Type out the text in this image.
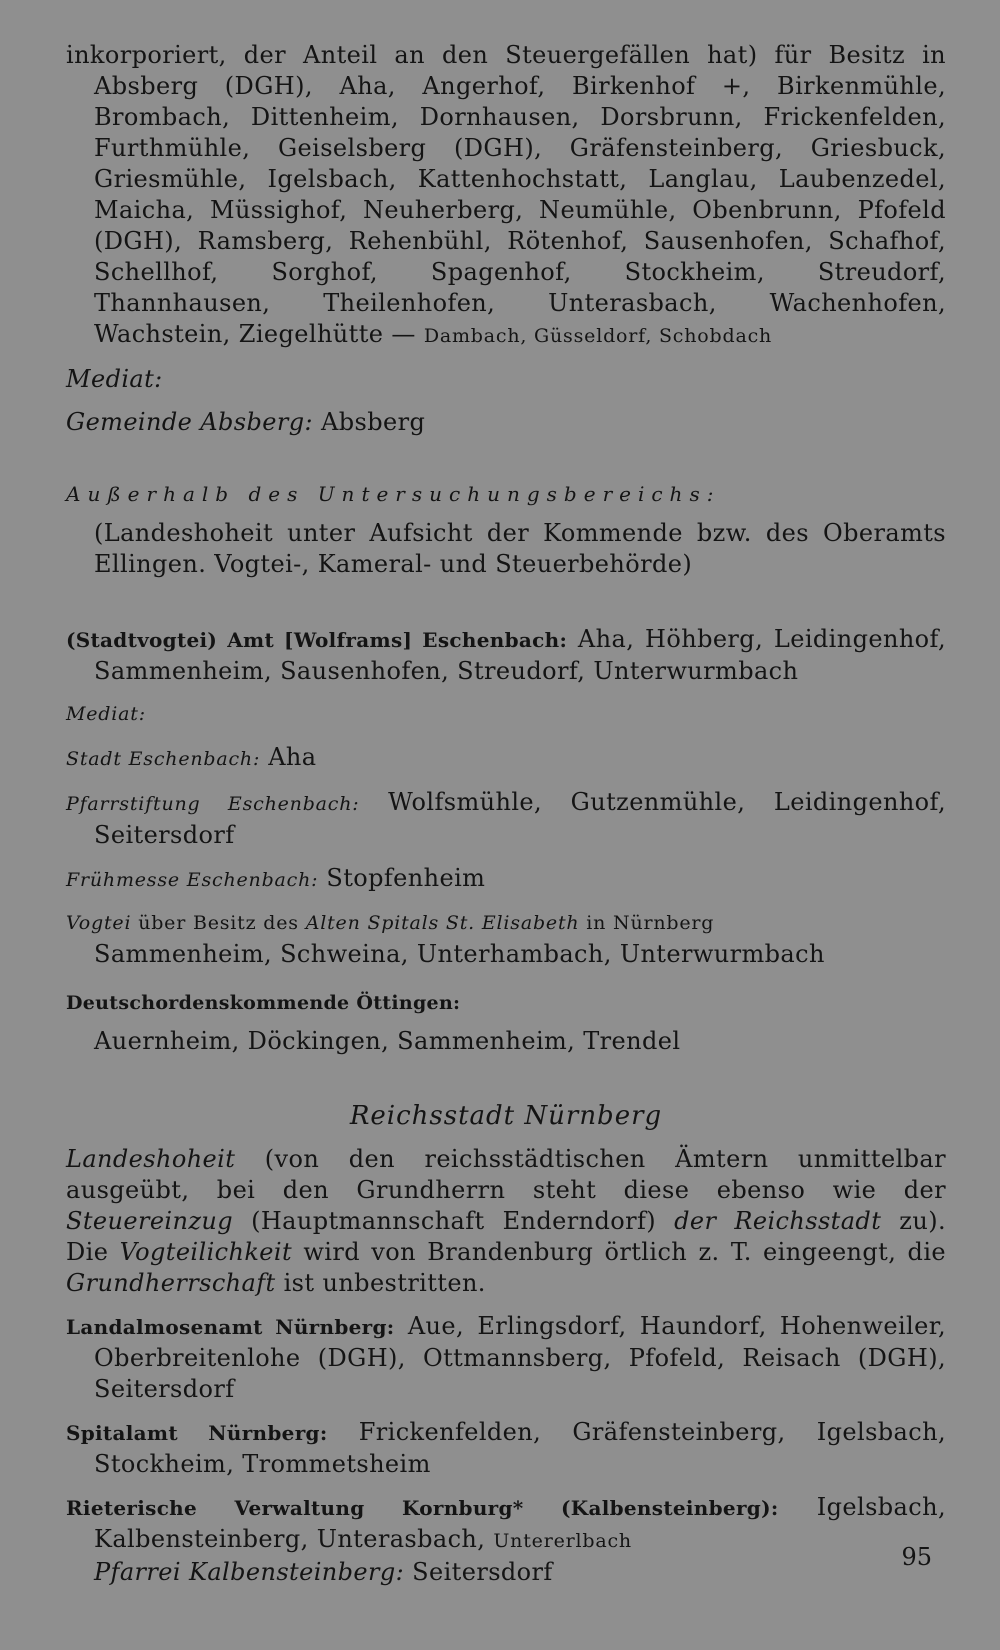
inkorporiert, der Anteil an den Steuergefällen hat) für Besitz in Absberg (DGH), Aha, Angerhof, Birkenhof +, Birkenmühle, Brombach, Dittenheim, Dornhausen, Dorsbrunn, Frickenfelden, Furthmühle, Geiselsberg (DGH), Gräfensteinberg, Griesbuck, Griesmühle, Igelsbach, Kattenhochstatt, Langlau, Laubenzedel, Maicha, Müssighof, Neuherberg, Neumühle, Obenbrunn, Pfofeld (DGH), Ramsberg, Rehenbühl, Rötenhof, Sausenhofen, Schafhof, Schellhof, Sorghof, Spagenhof, Stockheim, Streudorf, Thannhausen, Theilenhofen, Unterasbach, Wachenhofen, Wachstein, Ziegelhütte — Dambach, Güsseldorf, Schobdach
Mediat:
Gemeinde Absberg: Absberg
Außerhalb des Untersuchungsbereichs:
(Landeshoheit unter Aufsicht der Kommende bzw. des Oberamts Ellingen. Vogtei-, Kameral- und Steuerbehörde)
(Stadtvogtei) Amt [Wolframs] Eschenbach: Aha, Höhberg, Leidingenhof, Sammenheim, Sausenhofen, Streudorf, Unterwurmbach
Mediat:
Stadt Eschenbach: Aha
Pfarrstiftung Eschenbach: Wolfsmühle, Gutzenmühle, Leidingenhof, Seitersdorf
Frühmesse Eschenbach: Stopfenheim
Vogtei über Besitz des Alten Spitals St. Elisabeth in Nürnberg
Sammenheim, Schweina, Unterhambach, Unterwurmbach
Deutschordenskommende Öttingen:
Auernheim, Döckingen, Sammenheim, Trendel
Reichsstadt Nürnberg
Landeshoheit (von den reichsstädtischen Ämtern unmittelbar ausgeübt, bei den Grundherrn steht diese ebenso wie der Steuereinzug (Hauptmannschaft Enderndorf) der Reichsstadt zu). Die Vogteilichkeit wird von Brandenburg örtlich z. T. eingeengt, die Grundherrschaft ist unbestritten.
Landalmosenamt Nürnberg: Aue, Erlingsdorf, Haundorf, Hohenweiler, Oberbreitenlohe (DGH), Ottmannsberg, Pfofeld, Reisach (DGH), Seitersdorf
Spitalamt Nürnberg: Frickenfelden, Gräfensteinberg, Igelsbach, Stockheim, Trommetsheim
Rieterische Verwaltung Kornburg* (Kalbensteinberg): Igelsbach, Kalbensteinberg, Unterasbach, Untererlbach
Pfarrei Kalbensteinberg: Seitersdorf
95
